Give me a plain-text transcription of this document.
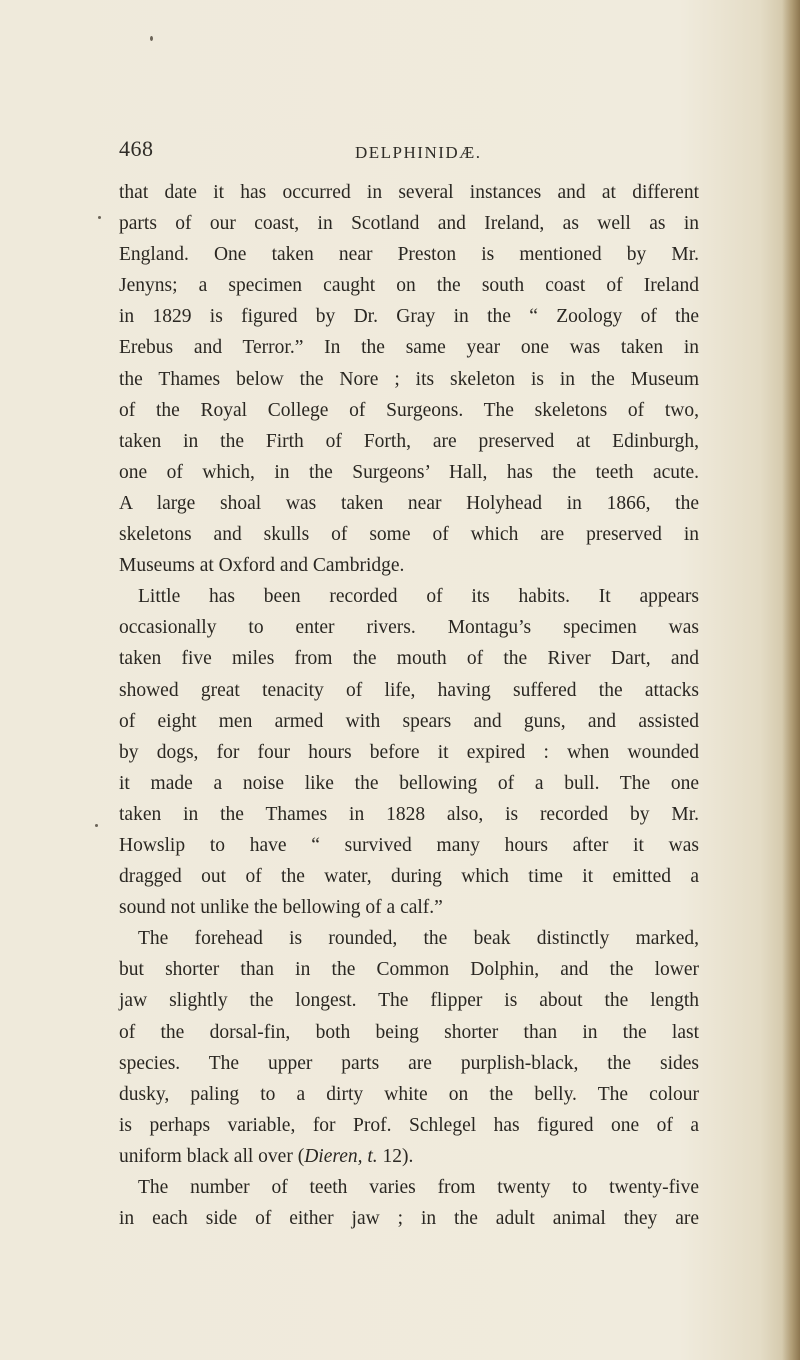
468	DELPHINIDÆ.
that date it has occurred in several instances and at different
parts of our coast, in Scotland and Ireland, as well as in
England. One taken near Preston is mentioned by Mr.
Jenyns; a specimen caught on the south coast of Ireland
in 1829 is figured by Dr. Gray in the “ Zoology of the
Erebus and Terror.” In the same year one was taken in
the Thames below the Nore ; its skeleton is in the Museum
of the Royal College of Surgeons. The skeletons of two,
taken in the Firth of Forth, are preserved at Edinburgh,
one of which, in the Surgeons’ Hall, has the teeth acute.
A large shoal was taken near Holyhead in 1866, the
skeletons and skulls of some of which are preserved in
Museums at Oxford and Cambridge.
Little has been recorded of its habits. It appears
occasionally to enter rivers. Montagu’s specimen was
taken five miles from the mouth of the River Dart, and
showed great tenacity of life, having suffered the attacks
of eight men armed with spears and guns, and assisted
by dogs, for four hours before it expired : when wounded
it made a noise like the bellowing of a bull. The one
taken in the Thames in 1828 also, is recorded by Mr.
Howslip to have “ survived many hours after it was
dragged out of the water, during which time it emitted a
sound not unlike the bellowing of a calf.”
The forehead is rounded, the beak distinctly marked,
but shorter than in the Common Dolphin, and the lower
jaw slightly the longest. The flipper is about the length
of the dorsal-fin, both being shorter than in the last
species. The upper parts are purplish-black, the sides
dusky, paling to a dirty white on the belly. The colour
is perhaps variable, for Prof. Schlegel has figured one of a
uniform black all over (Dieren, t. 12).
The number of teeth varies from twenty to twenty-five
in each side of either jaw ; in the adult animal they are
